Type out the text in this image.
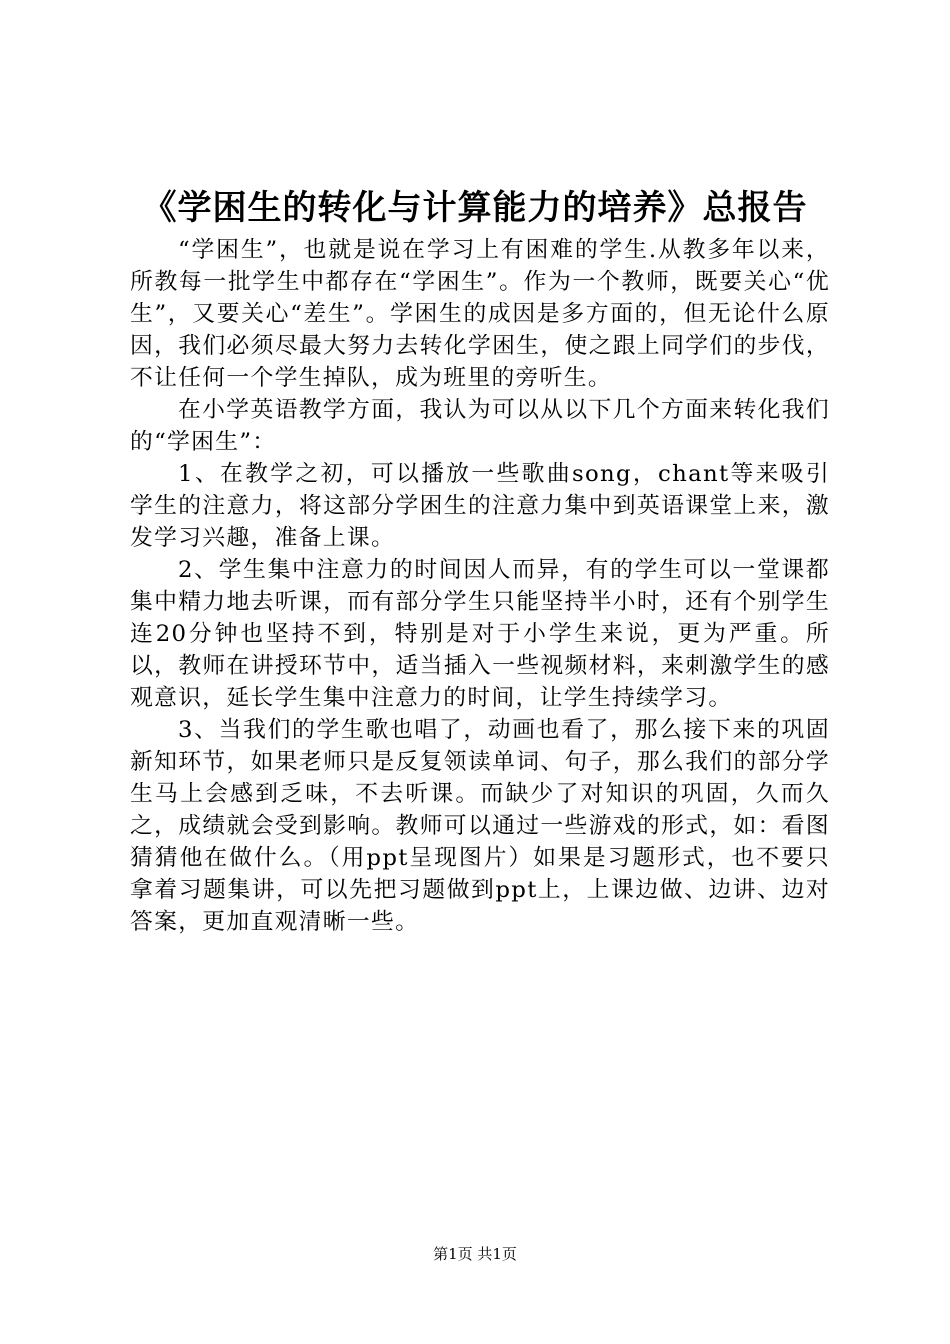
《学困生的转化与计算能力的培养》总报告

“学困生”，也就是说在学习上有困难的学生.从教多年以来，所教每一批学生中都存在“学困生”。作为一个教师，既要关心“优生”，又要关心“差生”。学困生的成因是多方面的，但无论什么原因，我们必须尽最大努力去转化学困生，使之跟上同学们的步伐，不让任何一个学生掉队，成为班里的旁听生。

在小学英语教学方面，我认为可以从以下几个方面来转化我们的“学困生”：

1、在教学之初，可以播放一些歌曲song，chant等来吸引学生的注意力，将这部分学困生的注意力集中到英语课堂上来，激发学习兴趣，准备上课。

2、学生集中注意力的时间因人而异，有的学生可以一堂课都集中精力地去听课，而有部分学生只能坚持半小时，还有个别学生连20分钟也坚持不到，特别是对于小学生来说，更为严重。所以，教师在讲授环节中，适当插入一些视频材料，来刺激学生的感观意识，延长学生集中注意力的时间，让学生持续学习。

3、当我们的学生歌也唱了，动画也看了，那么接下来的巩固新知环节，如果老师只是反复领读单词、句子，那么我们的部分学生马上会感到乏味，不去听课。而缺少了对知识的巩固，久而久之，成绩就会受到影响。教师可以通过一些游戏的形式，如：看图猜猜他在做什么。（用ppt呈现图片）如果是习题形式，也不要只拿着习题集讲，可以先把习题做到ppt上，上课边做、边讲、边对答案，更加直观清晰一些。

第1页 共1页
